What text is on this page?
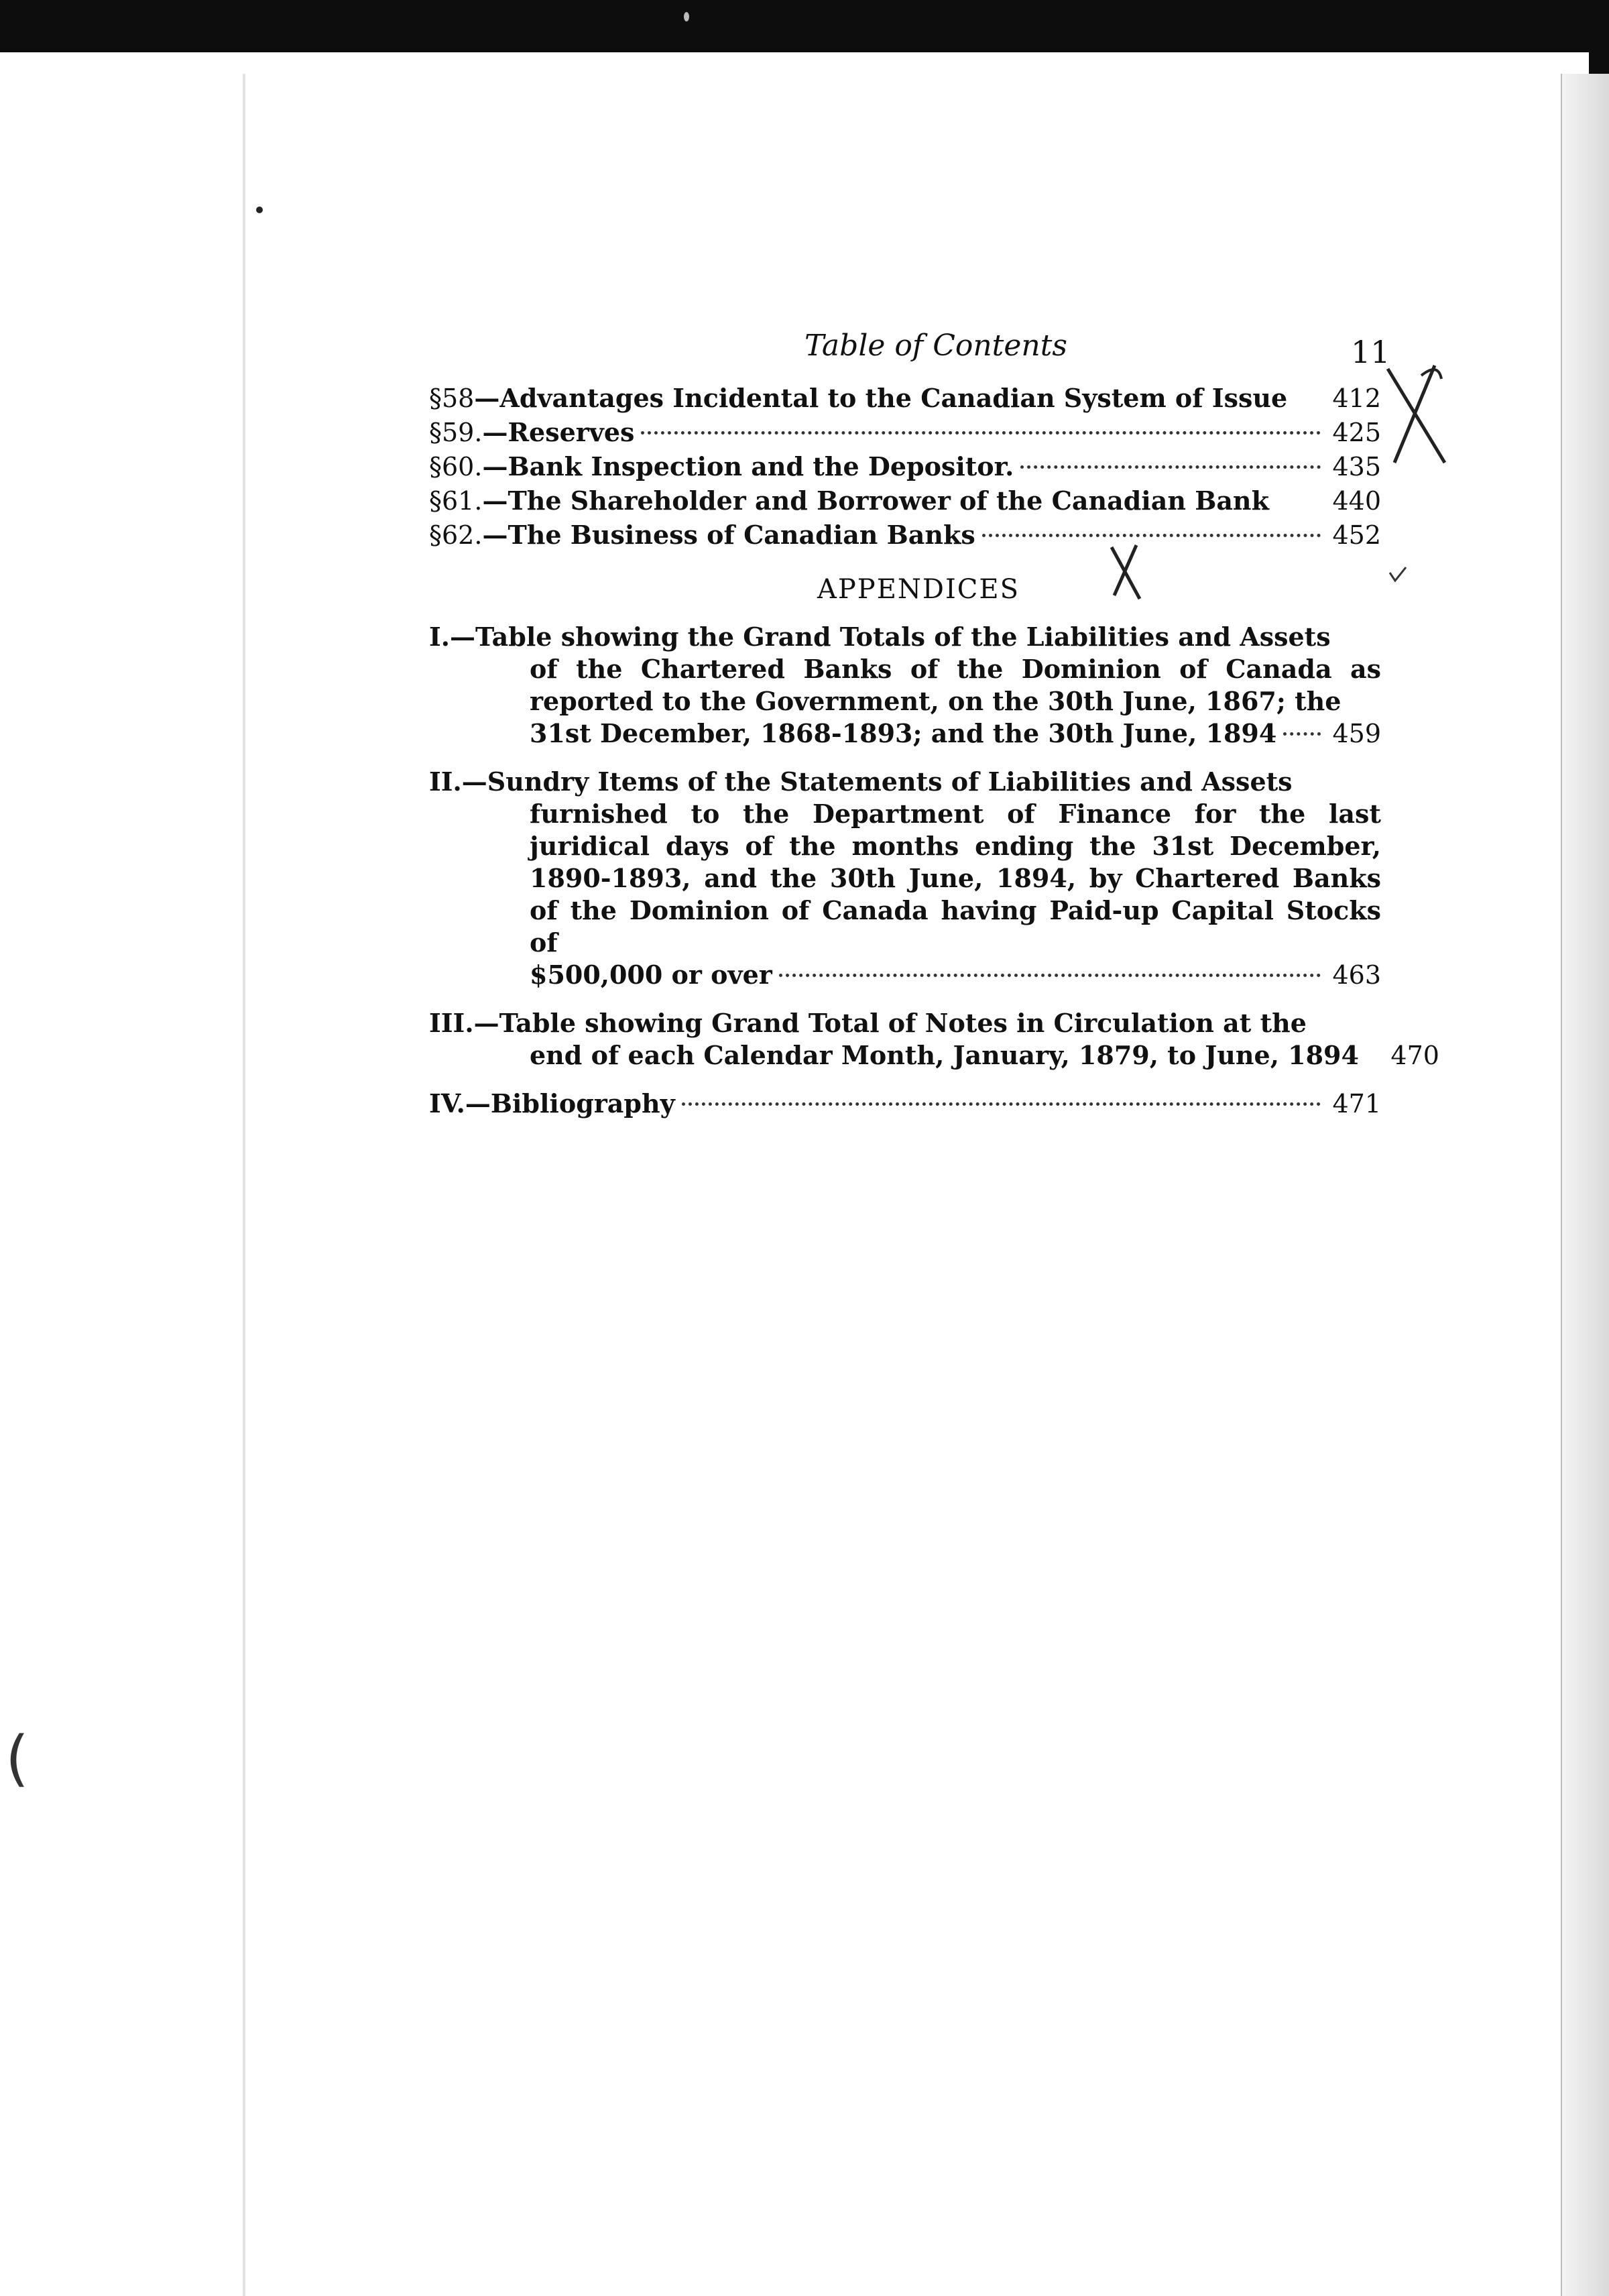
(
Table of Contents	11
§58 —Advantages Incidental to the Canadian System of Issue 412
§59. —Reserves	425
§60. —Bank Inspection and the Depositor.	435
§61. —The Shareholder and Borrower of the Canadian Bank 440
§62. —The Business of Canadian Banks	452
APPENDICES
I. —Table showing the Grand Totals of the Liabilities and Assets
of the Chartered Banks of the Dominion of Canada as reported to the Government, on the 30th June, 1867; the
31st December, 1868-1893; and the 30th June, 1894 459
II. —Sundry Items of the Statements of Liabilities and Assets
furnished to the Department of Finance for the last juridical days of the months ending the 31st December, 1890-1893, and the 30th June, 1894, by Chartered Banks of the Dominion of Canada having Paid-up Capital Stocks of
$500,000 or over	463
III. —Table showing Grand Total of Notes in Circulation at the
end of each Calendar Month, January, 1879, to June, 1894 470
IV. —Bibliography	471
